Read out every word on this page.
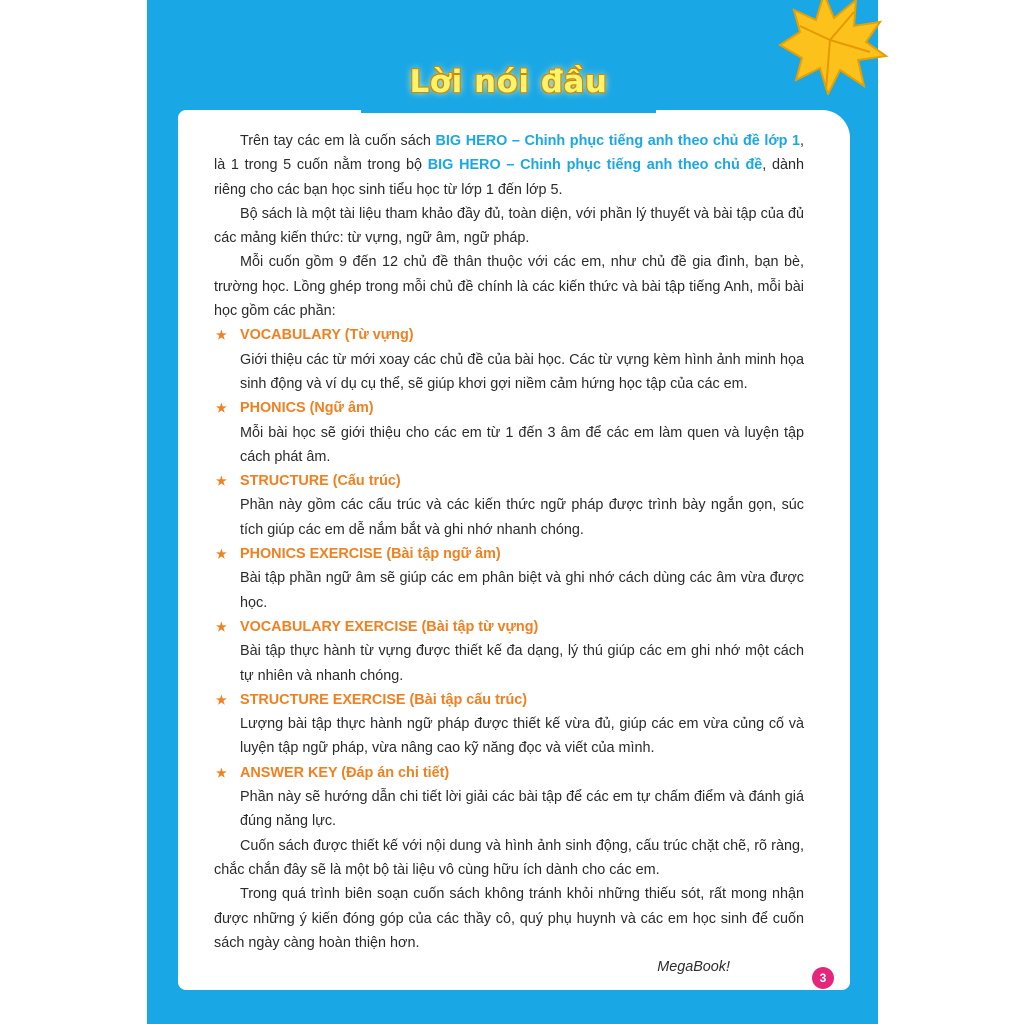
Lời nói đầu

Trên tay các em là cuốn sách BIG HERO – Chinh phục tiếng anh theo chủ đề lớp 1, là 1 trong 5 cuốn nằm trong bộ BIG HERO – Chinh phục tiếng anh theo chủ đề, dành riêng cho các bạn học sinh tiểu học từ lớp 1 đến lớp 5.

Bộ sách là một tài liệu tham khảo đầy đủ, toàn diện, với phần lý thuyết và bài tập của đủ các mảng kiến thức: từ vựng, ngữ âm, ngữ pháp.

Mỗi cuốn gồm 9 đến 12 chủ đề thân thuộc với các em, như chủ đề gia đình, bạn bè, trường học. Lồng ghép trong mỗi chủ đề chính là các kiến thức và bài tập tiếng Anh, mỗi bài học gồm các phần:

★ VOCABULARY (Từ vựng)

Giới thiệu các từ mới xoay các chủ đề của bài học. Các từ vựng kèm hình ảnh minh họa sinh động và ví dụ cụ thể, sẽ giúp khơi gợi niềm cảm hứng học tập của các em.

★ PHONICS (Ngữ âm)

Mỗi bài học sẽ giới thiệu cho các em từ 1 đến 3 âm để các em làm quen và luyện tập cách phát âm.

★ STRUCTURE (Cấu trúc)

Phần này gồm các cấu trúc và các kiến thức ngữ pháp được trình bày ngắn gọn, súc tích giúp các em dễ nắm bắt và ghi nhớ nhanh chóng.

★ PHONICS EXERCISE (Bài tập ngữ âm)

Bài tập phần ngữ âm sẽ giúp các em phân biệt và ghi nhớ cách dùng các âm vừa được học.

★ VOCABULARY EXERCISE (Bài tập từ vựng)

Bài tập thực hành từ vựng được thiết kế đa dạng, lý thú giúp các em ghi nhớ một cách tự nhiên và nhanh chóng.

★ STRUCTURE EXERCISE (Bài tập cấu trúc)

Lượng bài tập thực hành ngữ pháp được thiết kế vừa đủ, giúp các em vừa củng cố và luyện tập ngữ pháp, vừa nâng cao kỹ năng đọc và viết của mình.

★ ANSWER KEY (Đáp án chi tiết)

Phần này sẽ hướng dẫn chi tiết lời giải các bài tập để các em tự chấm điểm và đánh giá đúng năng lực.

Cuốn sách được thiết kế với nội dung và hình ảnh sinh động, cấu trúc chặt chẽ, rõ ràng, chắc chắn đây sẽ là một bộ tài liệu vô cùng hữu ích dành cho các em.

Trong quá trình biên soạn cuốn sách không tránh khỏi những thiếu sót, rất mong nhận được những ý kiến đóng góp của các thầy cô, quý phụ huynh và các em học sinh để cuốn sách ngày càng hoàn thiện hơn.

MegaBook!

3
